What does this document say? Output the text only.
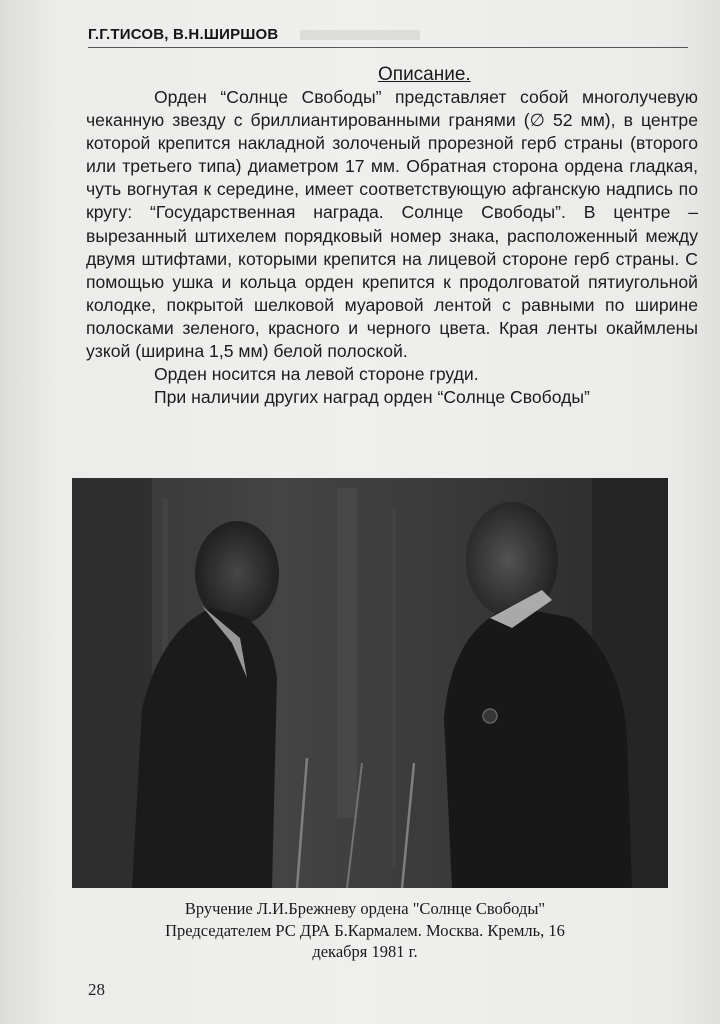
Г.Г.ТИСОВ, В.Н.ШИРШОВ
Описание.

Орден “Солнце Свободы” представляет собой многолучевую чеканную звезду с бриллиантированными гранями (∅ 52 мм), в центре которой крепится накладной золоченый прорезной герб страны (второго или третьего типа) диаметром 17 мм. Обратная сторона ордена гладкая, чуть вогнутая к середине, имеет соответствующую афганскую надпись по кругу: “Государственная награда. Солнце Свободы”. В центре – вырезанный штихелем порядковый номер знака, расположенный между двумя штифтами, которыми крепится на лицевой стороне герб страны. С помощью ушка и кольца орден крепится к продолговатой пятиугольной колодке, покрытой шелковой муаровой лентой с равными по ширине полосками зеленого, красного и черного цвета. Края ленты окаймлены узкой (ширина 1,5 мм) белой полоской.

Орден носится на левой стороне груди.

При наличии других наград орден “Солнце Свободы”

Вручение Л.И.Брежневу ордена "Солнце Свободы"

Председателем РС ДРА Б.Кармалем. Москва. Кремль, 16

декабря 1981 г.

28
